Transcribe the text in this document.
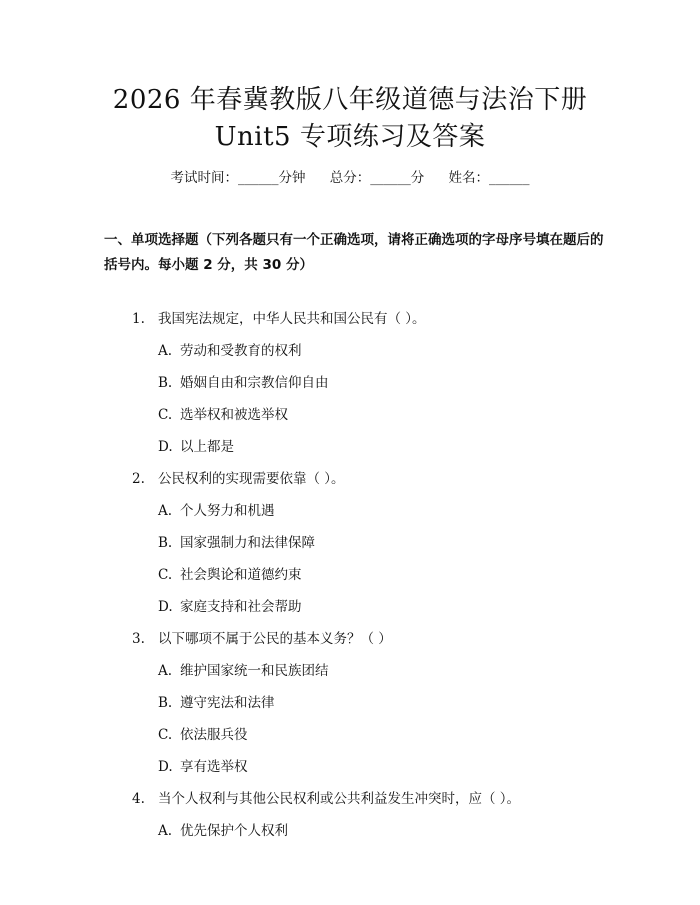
2026 年春冀教版八年级道德与法治下册
Unit5 专项练习及答案
考试时间：______分钟 总分：______分 姓名：______
一、单项选择题（下列各题只有一个正确选项，请将正确选项的字母序号填在题后的括号内。每小题 2 分，共 30 分）
1. 我国宪法规定，中华人民共和国公民有（ ）。
A. 劳动和受教育的权利
B. 婚姻自由和宗教信仰自由
C. 选举权和被选举权
D. 以上都是
2. 公民权利的实现需要依靠（ ）。
A. 个人努力和机遇
B. 国家强制力和法律保障
C. 社会舆论和道德约束
D. 家庭支持和社会帮助
3. 以下哪项不属于公民的基本义务？（ ）
A. 维护国家统一和民族团结
B. 遵守宪法和法律
C. 依法服兵役
D. 享有选举权
4. 当个人权利与其他公民权利或公共利益发生冲突时，应（ ）。
A. 优先保护个人权利
